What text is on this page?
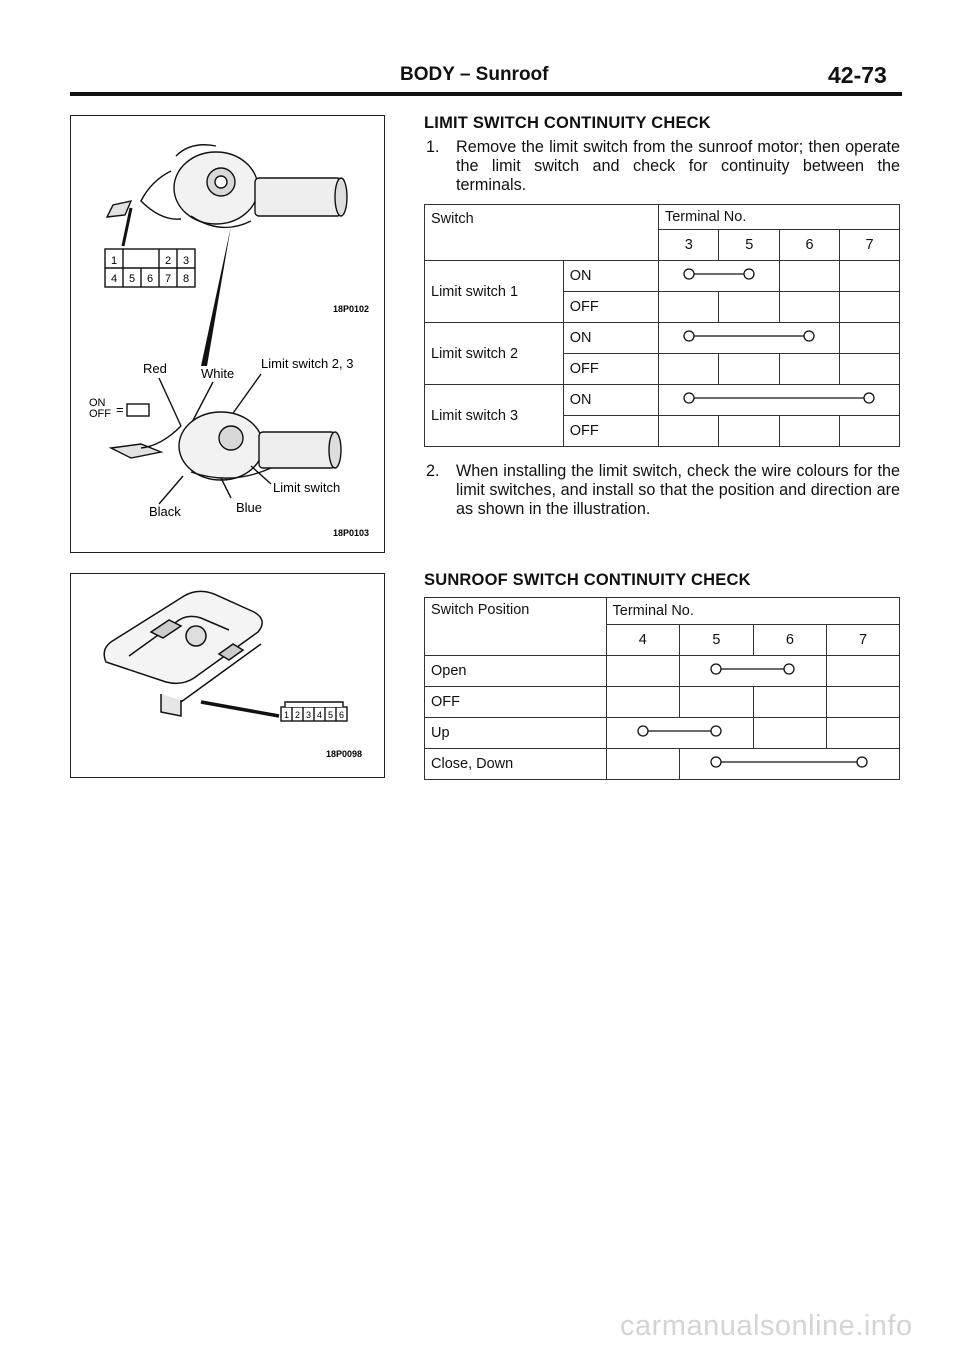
BODY – Sunroof	42-73
1	2 3
4 5 6 7 8
18P0102
Red	White
Limit switch 2, 3
ON
OFF =
Limit switch
Black	Blue
18P0103
1 2 3 4 5 6
18P0098
LIMIT SWITCH CONTINUITY CHECK
1. Remove the limit switch from the sunroof motor; then operate the limit switch and check for continuity between the terminals.
Switch		Terminal No.			
		3	5	6	7
Limit switch 1	ON			
	OFF				
Limit switch 2	ON		
	OFF				
Limit switch 3	ON	
	OFF				
2. When installing the limit switch, check the wire colours for the limit switches, and install so that the position and direction are as shown in the illustration.
SUNROOF SWITCH CONTINUITY CHECK
Switch Position	Terminal No.			
	4	5	6	7
Open			
OFF				
Up			
Close, Down		
carmanualsonline.info
